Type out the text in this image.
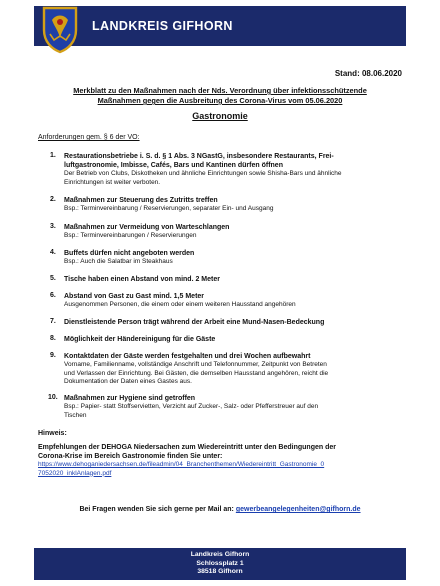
LANDKREIS GIFHORN
Stand: 08.06.2020
Merkblatt zu den Maßnahmen nach der Nds. Verordnung über infektionsschützende
Maßnahmen gegen die Ausbreitung des Corona-Virus vom 05.06.2020
Gastronomie
Anforderungen gem. § 6 der VO:
1. Restaurationsbetriebe i. S. d. § 1 Abs. 3 NGastG, insbesondere Restaurants, Frei-
luftgastronomie, Imbisse, Cafés, Bars und Kantinen dürfen öffnen
Der Betrieb von Clubs, Diskotheken und ähnliche Einrichtungen sowie Shisha-Bars und ähnliche
Einrichtungen ist weiter verboten.
2. Maßnahmen zur Steuerung des Zutritts treffen
Bsp.: Terminvereinbarung / Reservierungen, separater Ein- und Ausgang
3. Maßnahmen zur Vermeidung von Warteschlangen
Bsp.: Terminvereinbarungen / Reservierungen
4. Buffets dürfen nicht angeboten werden
Bsp.: Auch die Salatbar im Steakhaus
5. Tische haben einen Abstand von mind. 2 Meter
6. Abstand von Gast zu Gast mind. 1,5 Meter
Ausgenommen Personen, die einem oder einem weiteren Hausstand angehören
7. Dienstleistende Person trägt während der Arbeit eine Mund-Nasen-Bedeckung
8. Möglichkeit der Händereinigung für die Gäste
9. Kontaktdaten der Gäste werden festgehalten und drei Wochen aufbewahrt
Vorname, Familienname, vollständige Anschrift und Telefonnummer, Zeitpunkt von Betreten
und Verlassen der Einrichtung. Bei Gästen, die demselben Hausstand angehören, reicht die
Dokumentation der Daten eines Gastes aus.
10. Maßnahmen zur Hygiene sind getroffen
Bsp.: Papier- statt Stoffservietten, Verzicht auf Zucker-, Salz- oder Pfefferstreuer auf den
Tischen
Hinweis:
Empfehlungen der DEHOGA Niedersachen zum Wiedereintritt unter den Bedingungen der
Corona-Krise im Bereich Gastronomie finden Sie unter:
https://www.dehoganiedersachsen.de/fileadmin/04_Branchenthemen/Wiedereintritt_Gastronomie_0
7052020_inklAnlagen.pdf
Bei Fragen wenden Sie sich gerne per Mail an: gewerbeangelegenheiten@gifhorn.de
Landkreis Gifhorn
Schlossplatz 1
38518 Gifhorn
